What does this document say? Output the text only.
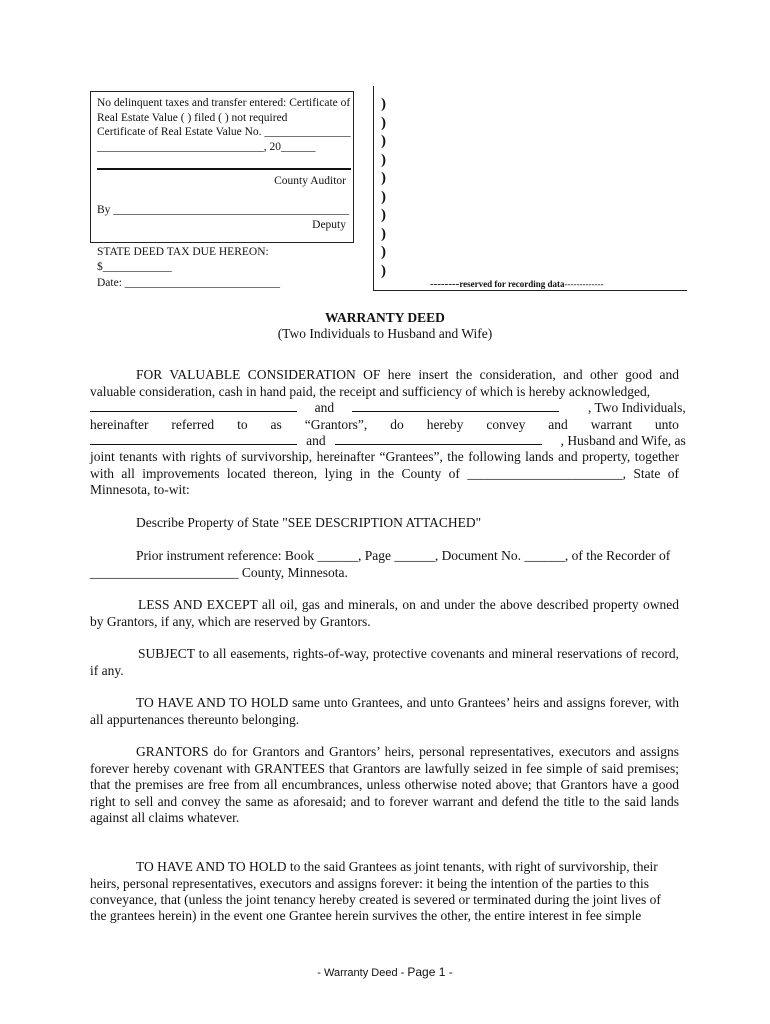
No delinquent taxes and transfer entered: Certificate of
Real Estate Value ( ) filed ( ) not required
Certificate of Real Estate Value No. _______________
_____________________________, 20______
County Auditor
By _________________________________________
Deputy
STATE DEED TAX DUE HEREON:
$____________
Date: ___________________________
)
)
)
)
)
)
)
)
)
)
--------reserved for recording data-------------
WARRANTY DEED
(Two Individuals to Husband and Wife)
FOR VALUABLE CONSIDERATION OF here insert the consideration, and other good and valuable consideration, cash in hand paid, the receipt and sufficiency of which is hereby acknowledged,
and	, Two Individuals,
hereinafter referred to as “Grantors”, do hereby convey and warrant unto
and	, Husband and Wife, as
joint tenants with rights of survivorship, hereinafter “Grantees”, the following lands and property, together with all improvements located thereon, lying in the County of _______________________, State of Minnesota, to-wit:
Describe Property of State "SEE DESCRIPTION ATTACHED"
Prior instrument reference: Book ______, Page ______, Document No. ______, of the Recorder of
______________________ County, Minnesota.
LESS AND EXCEPT all oil, gas and minerals, on and under the above described property owned by Grantors, if any, which are reserved by Grantors.
SUBJECT to all easements, rights-of-way, protective covenants and mineral reservations of record, if any.
TO HAVE AND TO HOLD same unto Grantees, and unto Grantees’ heirs and assigns forever, with all appurtenances thereunto belonging.
GRANTORS do for Grantors and Grantors’ heirs, personal representatives, executors and assigns forever hereby covenant with GRANTEES that Grantors are lawfully seized in fee simple of said premises; that the premises are free from all encumbrances, unless otherwise noted above; that Grantors have a good right to sell and convey the same as aforesaid; and to forever warrant and defend the title to the said lands against all claims whatever.
TO HAVE AND TO HOLD to the said Grantees as joint tenants, with right of survivorship, their
heirs, personal representatives, executors and assigns forever: it being the intention of the parties to this
conveyance, that (unless the joint tenancy hereby created is severed or terminated during the joint lives of
the grantees herein) in the event one Grantee herein survives the other, the entire interest in fee simple
- Warranty Deed - Page 1 -
